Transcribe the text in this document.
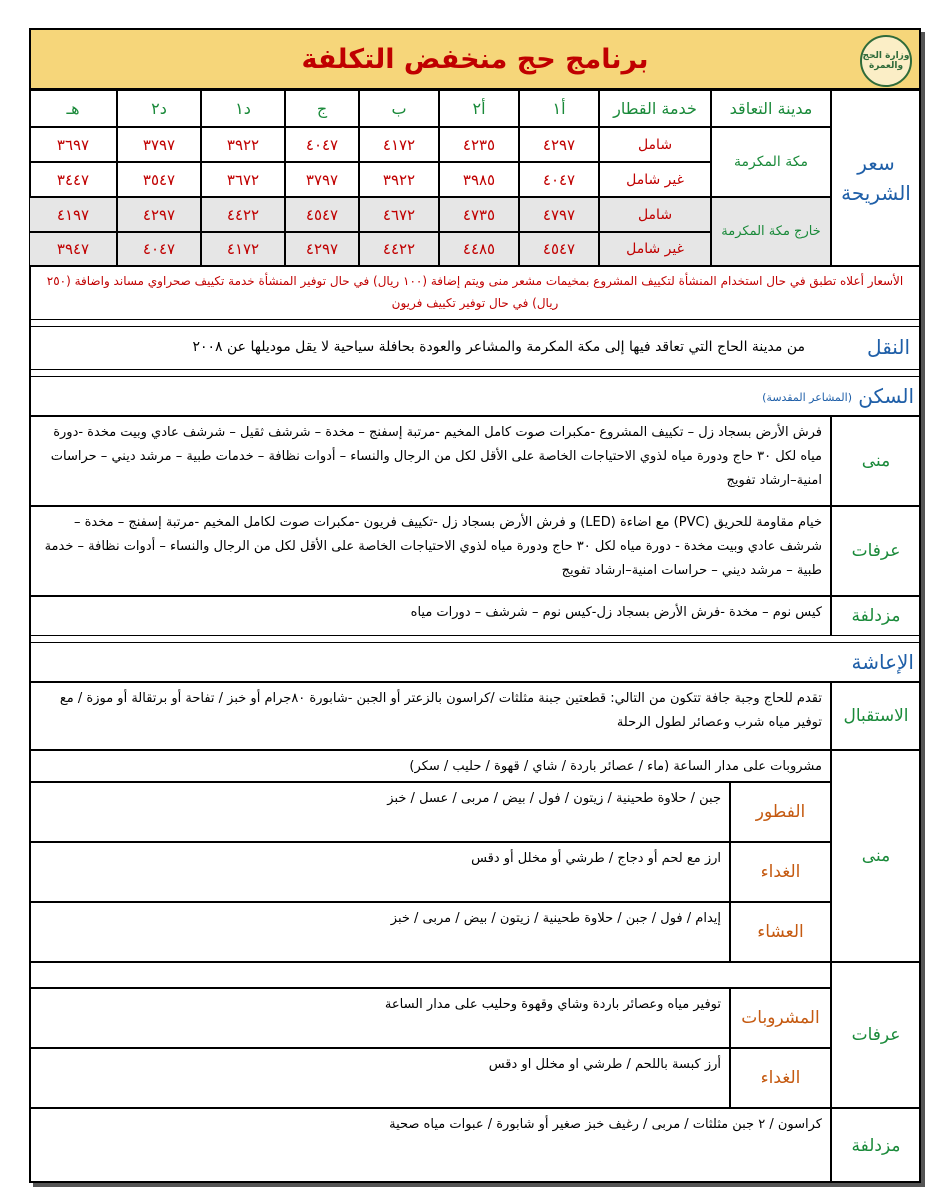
برنامج حج منخفض التكلفة	وزارة الحج والعمرة
سعر الشريحة
مدينة التعاقد
خدمة القطار
أ١
أ٢
ب
ج
د١
د٢
هـ
مكة المكرمة
خارج مكة المكرمة
شامل
٤٢٩٧
٤٢٣٥
٤١٧٢
٤٠٤٧
٣٩٢٢
٣٧٩٧
٣٦٩٧
غير شامل
٤٠٤٧
٣٩٨٥
٣٩٢٢
٣٧٩٧
٣٦٧٢
٣٥٤٧
٣٤٤٧
شامل
٤٧٩٧
٤٧٣٥
٤٦٧٢
٤٥٤٧
٤٤٢٢
٤٢٩٧
٤١٩٧
غير شامل
٤٥٤٧
٤٤٨٥
٤٤٢٢
٤٢٩٧
٤١٧٢
٤٠٤٧
٣٩٤٧
الأسعار أعلاه تطبق في حال استخدام المنشأة لتكييف المشروع بمخيمات مشعر منى ويتم إضافة (١٠٠ ريال) في حال توفير المنشأة خدمة تكييف صحراوي مساند واضافة (٢٥٠ ريال) في حال توفير تكييف فريون
النقل
من مدينة الحاج التي تعاقد فيها إلى مكة المكرمة والمشاعر والعودة بحافلة سياحية لا يقل موديلها عن ٢٠٠٨
السكن
(المشاعر المقدسة)
منى
فرش الأرض بسجاد زل – تكييف المشروع -مكبرات صوت كامل المخيم -مرتبة إسفنج – مخدة – شرشف ثقيل – شرشف عادي وبيت مخدة -دورة مياه لكل ٣٠ حاج ودورة مياه لذوي الاحتياجات الخاصة على الأقل لكل من الرجال والنساء – أدوات نظافة – خدمات طبية – مرشد ديني – حراسات امنية–ارشاد تفويج
عرفات
خيام مقاومة للحريق (PVC) مع اضاءة (LED) و فرش الأرض بسجاد زل -تكييف فريون -مكبرات صوت لكامل المخيم -مرتبة إسفنج – مخدة – شرشف عادي وبيت مخدة - دورة مياه لكل ٣٠ حاج ودورة مياه لذوي الاحتياجات الخاصة على الأقل لكل من الرجال والنساء – أدوات نظافة – خدمة طبية – مرشد ديني – حراسات امنية–ارشاد تفويج
مزدلفة
كيس نوم – مخدة -فرش الأرض بسجاد زل-كيس نوم – شرشف – دورات مياه
الإعاشة
الاستقبال
تقدم للحاج وجبة جافة تتكون من التالي: قطعتين جبنة مثلثات /كراسون بالزعتر أو الجبن -شابورة ٨٠جرام أو خبز / تفاحة أو برتقالة أو موزة / مع توفير مياه شرب وعصائر لطول الرحلة
منى
مشروبات على مدار الساعة (ماء / عصائر باردة / شاي / قهوة / حليب / سكر)
الفطور
جبن / حلاوة طحينية / زيتون / فول / بيض / مربى / عسل / خبز
الغداء
ارز مع لحم أو دجاج / طرشي أو مخلل أو دقس
العشاء
إيدام / فول / جبن / حلاوة طحينية / زيتون / بيض / مربى / خبز
عرفات
المشروبات
توفير مياه وعصائر باردة وشاي وقهوة وحليب على مدار الساعة
الغداء
أرز كبسة باللحم / طرشي او مخلل او دقس
مزدلفة
كراسون / ٢ جبن مثلثات / مربى / رغيف خبز صغير أو شابورة / عبوات مياه صحية
